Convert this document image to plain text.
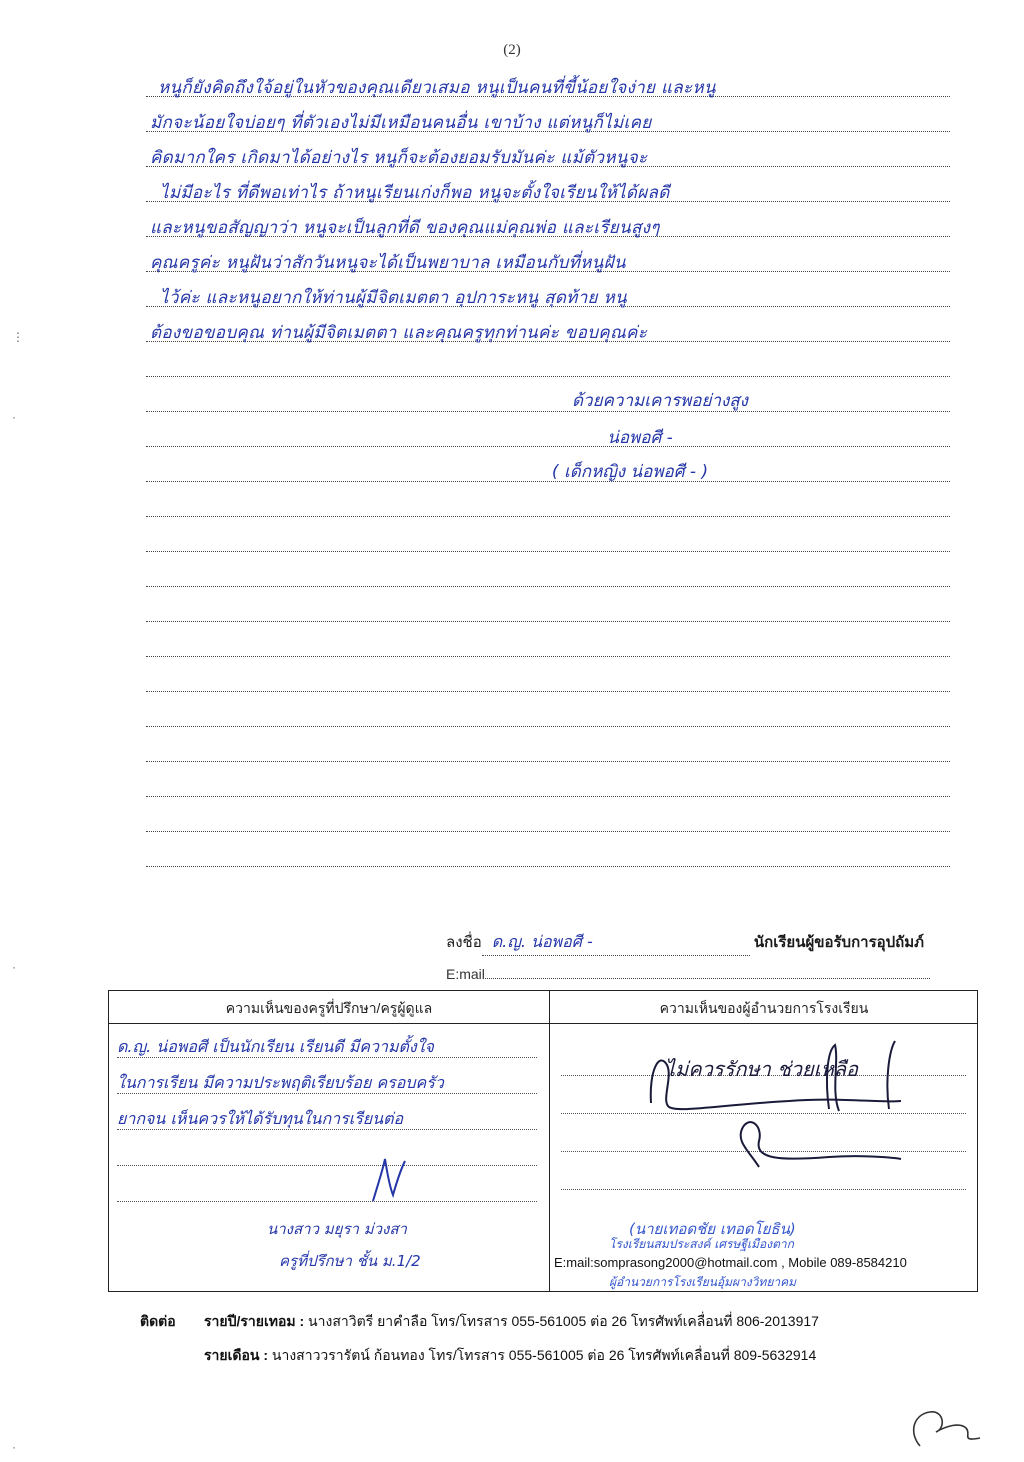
(2)
หนูก็ยังคิดถึงใจ้อยู่ในหัวของคุณเดียวเสมอ หนูเป็นคนที่ขี้น้อยใจง่าย และหนู
มักจะน้อยใจบ่อยๆ ที่ตัวเองไม่มีเหมือนคนอื่น เขาบ้าง แต่หนูก็ไม่เคย
คิดมากใคร เกิดมาได้อย่างไร หนูก็จะต้องยอมรับมันค่ะ แม้ตัวหนูจะ
ไม่มีอะไร ที่ดีพอเท่าไร ถ้าหนูเรียนเก่งก็พอ หนูจะตั้งใจเรียนให้ได้ผลดี
และหนูขอสัญญาว่า หนูจะเป็นลูกที่ดี ของคุณแม่คุณพ่อ และเรียนสูงๆ
คุณครูค่ะ หนูฝันว่าสักวันหนูจะได้เป็นพยาบาล เหมือนกับที่หนูฝัน
ไว้ค่ะ และหนูอยากให้ท่านผู้มีจิตเมตตา อุปการะหนู สุดท้าย หนู
ต้องขอขอบคุณ ท่านผู้มีจิตเมตตา และคุณครูทุกท่านค่ะ ขอบคุณค่ะ
ด้วยความเคารพอย่างสูง
น่อพอศี -
( เด็กหญิง น่อพอศี - )
ลงชื่อ ด.ญ. น่อพอศี -	นักเรียนผู้ขอรับการอุปถัมภ์
E:mail
ความเห็นของครูที่ปรึกษา/ครูผู้ดูแล	ความเห็นของผู้อำนวยการโรงเรียน
ด.ญ. น่อพอศี เป็นนักเรียน เรียนดี มีความตั้งใจ
ในการเรียน มีความประพฤติเรียบร้อย ครอบครัว
ยากจน เห็นควรให้ได้รับทุนในการเรียนต่อ
นางสาว มยุรา ม่วงสา
ครูที่ปรึกษา ชั้น ม.1/2
ไม่ควรรักษา ช่วยเหลือ
(นายเทอดชัย เทอดโยธิน)
โรงเรียนสมประสงค์ เศรษฐีเมืองตาก
ผู้อำนวยการโรงเรียนอุ้มผางวิทยาคม
E:mail:somprasong2000@hotmail.com , Mobile 089-8584210
ติดต่อ รายปี/รายเทอม : นางสาวิตรี ยาคำลือ โทร/โทรสาร 055-561005 ต่อ 26 โทรศัพท์เคลื่อนที่ 806-2013917
รายเดือน : นางสาววรารัตน์ ก้อนทอง โทร/โทรสาร 055-561005 ต่อ 26 โทรศัพท์เคลื่อนที่ 809-5632914
⋮
·
·
·
